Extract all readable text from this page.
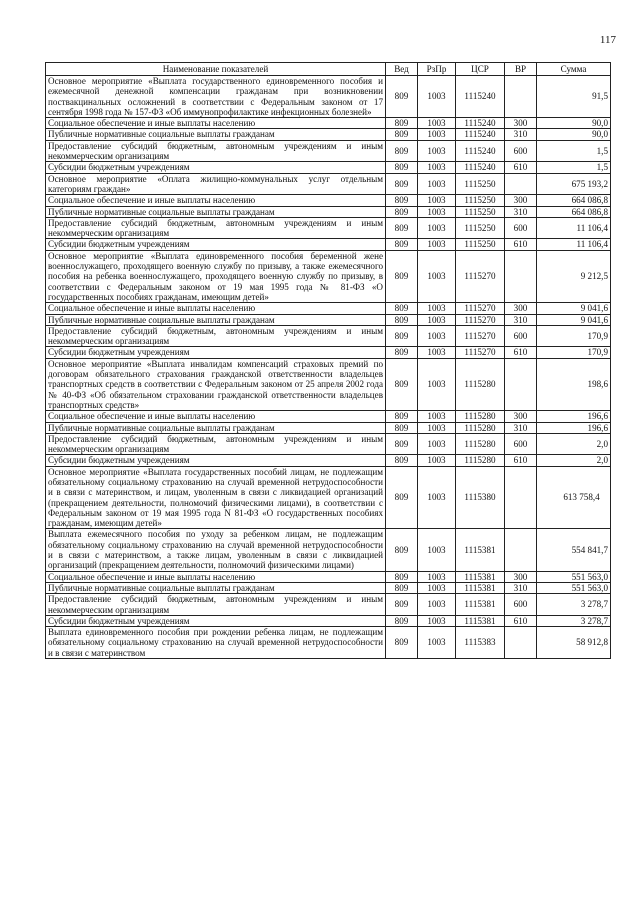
117
Наименование показателей	Вед	РзПр	ЦСР	ВР	Сумма
Основное мероприятие «Выплата государственного единовременного пособия и ежемесячной денежной компенсации гражданам при возникновении поствакцинальных осложнений в соответствии с Федеральным законом от 17 сентября 1998 года № 157-ФЗ «Об иммунопрофилактике инфекционных болезней»	809	1003	1115240		91,5
Социальное обеспечение и иные выплаты населению	809	1003	1115240	300	90,0
Публичные нормативные социальные выплаты гражданам	809	1003	1115240	310	90,0
Предоставление субсидий бюджетным, автономным учреждениям и иным некоммерческим организациям	809	1003	1115240	600	1,5
Субсидии бюджетным учреждениям	809	1003	1115240	610	1,5
Основное мероприятие «Оплата жилищно-коммунальных услуг отдельным категориям граждан»	809	1003	1115250		675 193,2
Социальное обеспечение и иные выплаты населению	809	1003	1115250	300	664 086,8
Публичные нормативные социальные выплаты гражданам	809	1003	1115250	310	664 086,8
Предоставление субсидий бюджетным, автономным учреждениям и иным некоммерческим организациям	809	1003	1115250	600	11 106,4
Субсидии бюджетным учреждениям	809	1003	1115250	610	11 106,4
Основное мероприятие «Выплата единовременного пособия беременной жене военнослужащего, проходящего военную службу по призыву, а также ежемесячного пособия на ребенка военнослужащего, проходящего военную службу по призыву, в соответствии с Федеральным законом от 19 мая 1995 года № 81-ФЗ «О государственных пособиях гражданам, имеющим детей»	809	1003	1115270		9 212,5
Социальное обеспечение и иные выплаты населению	809	1003	1115270	300	9 041,6
Публичные нормативные социальные выплаты гражданам	809	1003	1115270	310	9 041,6
Предоставление субсидий бюджетным, автономным учреждениям и иным некоммерческим организациям	809	1003	1115270	600	170,9
Субсидии бюджетным учреждениям	809	1003	1115270	610	170,9
Основное мероприятие «Выплата инвалидам компенсаций страховых премий по договорам обязательного страхования гражданской ответственности владельцев транспортных средств в соответствии с Федеральным законом от 25 апреля 2002 года № 40-ФЗ «Об обязательном страховании гражданской ответственности владельцев транспортных средств»	809	1003	1115280		198,6
Социальное обеспечение и иные выплаты населению	809	1003	1115280	300	196,6
Публичные нормативные социальные выплаты гражданам	809	1003	1115280	310	196,6
Предоставление субсидий бюджетным, автономным учреждениям и иным некоммерческим организациям	809	1003	1115280	600	2,0
Субсидии бюджетным учреждениям	809	1003	1115280	610	2,0
Основное мероприятие «Выплата государственных пособий лицам, не подлежащим обязательному социальному страхованию на случай временной нетрудоспособности и в связи с материнством, и лицам, уволенным в связи с ликвидацией организаций (прекращением деятельности, полномочий физическими лицами), в соответствии с Федеральным законом от 19 мая 1995 года N 81-ФЗ «О государственных пособиях гражданам, имеющим детей»	809	1003	1115380		613 758,4
Выплата ежемесячного пособия по уходу за ребенком лицам, не подлежащим обязательному социальному страхованию на случай временной нетрудоспособности и в связи с материнством, а также лицам, уволенным в связи с ликвидацией организаций (прекращением деятельности, полномочий физическими лицами)	809	1003	1115381		554 841,7
Социальное обеспечение и иные выплаты населению	809	1003	1115381	300	551 563,0
Публичные нормативные социальные выплаты гражданам	809	1003	1115381	310	551 563,0
Предоставление субсидий бюджетным, автономным учреждениям и иным некоммерческим организациям	809	1003	1115381	600	3 278,7
Субсидии бюджетным учреждениям	809	1003	1115381	610	3 278,7
Выплата единовременного пособия при рождении ребенка лицам, не подлежащим обязательному социальному страхованию на случай временной нетрудоспособности и в связи с материнством	809	1003	1115383		58 912,8
